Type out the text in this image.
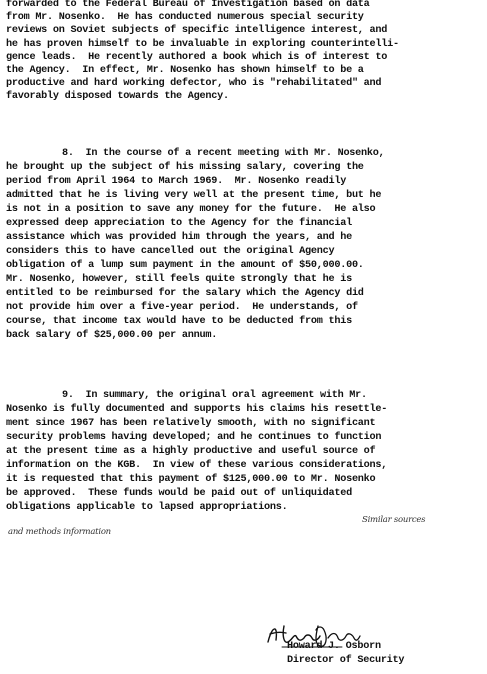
forwarded to the Federal Bureau of Investigation based on data
from Mr. Nosenko.  He has conducted numerous special security
reviews on Soviet subjects of specific intelligence interest, and
he has proven himself to be invaluable in exploring counterintelli-
gence leads.  He recently authored a book which is of interest to
the Agency.  In effect, Mr. Nosenko has shown himself to be a
productive and hard working defector, who is "rehabilitated" and
favorably disposed towards the Agency.
8.  In the course of a recent meeting with Mr. Nosenko,
he brought up the subject of his missing salary, covering the
period from April 1964 to March 1969.  Mr. Nosenko readily
admitted that he is living very well at the present time, but he
is not in a position to save any money for the future.  He also
expressed deep appreciation to the Agency for the financial
assistance which was provided him through the years, and he
considers this to have cancelled out the original Agency
obligation of a lump sum payment in the amount of $50,000.00.
Mr. Nosenko, however, still feels quite strongly that he is
entitled to be reimbursed for the salary which the Agency did
not provide him over a five-year period.  He understands, of
course, that income tax would have to be deducted from this
back salary of $25,000.00 per annum.
9.  In summary, the original oral agreement with Mr.
Nosenko is fully documented and supports his claims his resettle-
ment since 1967 has been relatively smooth, with no significant
security problems having developed; and he continues to function
at the present time as a highly productive and useful source of
information on the KGB.  In view of these various considerations,
it is requested that this payment of $125,000.00 to Mr. Nosenko
be approved.  These funds would be paid out of unliquidated
obligations applicable to lapsed appropriations.
Similar sources
and methods information
Howard J. Osborn
Director of Security
